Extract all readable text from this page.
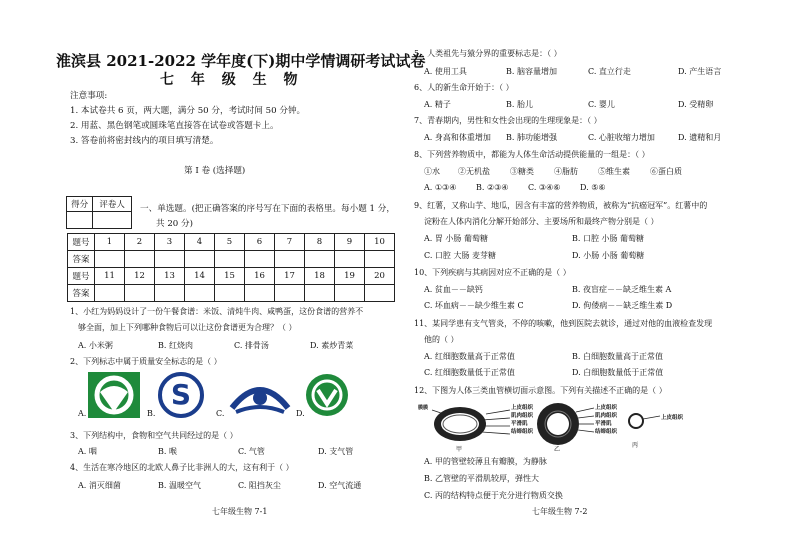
淮滨县 2021-2022 学年度(下)期中学情调研考试试卷
七 年 级 生 物
注意事项:
1. 本试卷共 6 页，两大题，满分 50 分，考试时间 50 分钟。
2. 用蓝、黑色钢笔或圆珠笔直接答在试卷或答题卡上。
3. 答卷前将密封线内的项目填写清楚。
第 I 卷 (选择题)
得分	评卷人
	一、单选题。(把正确答案的序号写在下面的表格里。每小题 1 分，
共 20 分)
题号	1	2	3	4	5	6	7	8	9	10
答案										
题号	11	12	13	14	15	16	17	18	19	20
答案										
1、小红为妈妈设计了一份午餐食谱：米饭、清炖牛肉、咸鸭蛋，这份食谱的营养不
够全面，加上下列哪种食物后可以让这份食谱更为合理？（ ）
A. 小米粥	B. 红烧肉	C. 排骨汤	D. 素炒青菜
2、下列标志中属于质量安全标志的是（ ）
A.	B.
S
C.	D.
3、下列结构中，食物和空气共同经过的是（ ）
A. 咽	B. 喉	C. 气管	D. 支气管
4、生活在寒冷地区的北欧人鼻子比非洲人的大，这有利于（ ）
A. 消灭细菌	B. 温暖空气	C. 阻挡灰尘	D. 空气流通
七年级生物 7-1
5、人类祖先与猿分界的重要标志是：（ ）
A. 使用工具	B. 脑容量增加	C. 直立行走	D. 产生语言
6、人的新生命开始于：（ ）
A. 精子	B. 胎儿	C. 婴儿	D. 受精卵
7、青春期内，男性和女性会出现的生理现象是：（ ）
A. 身高和体重增加	B. 肺功能增强	C. 心脏收缩力增加	D. 遗精和月
8、下列营养物质中，都能为人体生命活动提供能量的一组是：（ ）
①水	②无机盐	③糖类	④脂肪	⑤维生素	⑥蛋白质
A. ①③④	B. ②③④	C. ③④⑥	D. ⑤⑥
9、红薯，又称山芋、地瓜，因含有丰富的营养物质，被称为“抗癌冠军”。红薯中的
淀粉在人体内消化分解开始部分、主要场所和最终产物分别是（ ）
A. 胃 小肠 葡萄糖	B. 口腔 小肠 葡萄糖
C. 口腔 大肠 麦芽糖	D. 小肠 小肠 葡萄糖
10、下列疾病与其病因对应不正确的是（ ）
A. 贫血－－缺钙	B. 夜盲症－－缺乏维生素 A
C. 坏血病－－缺少维生素 C	D. 佝偻病－－缺乏维生素 D
11、某同学患有支气管炎，不停的咳嗽，他到医院去就诊，通过对他的血液检查发现
他的（ ）
A. 红细胞数量高于正常值	B. 白细胞数量高于正常值
C. 红细胞数量低于正常值	D. 白细胞数量低于正常值
12、下图为人体三类血管横切面示意图。下列有关描述不正确的是（ ）
膜膜	上皮组织
肌肉组织
平滑肌
结缔组织
上皮组织
肌肉组织
平滑肌
结缔组织
上皮组织
甲	乙
丙
A. 甲的管壁较薄且有瓣膜，为静脉
B. 乙管壁的平滑肌较厚，弹性大
C. 丙的结构特点便于充分进行物质交换
七年级生物 7-2
